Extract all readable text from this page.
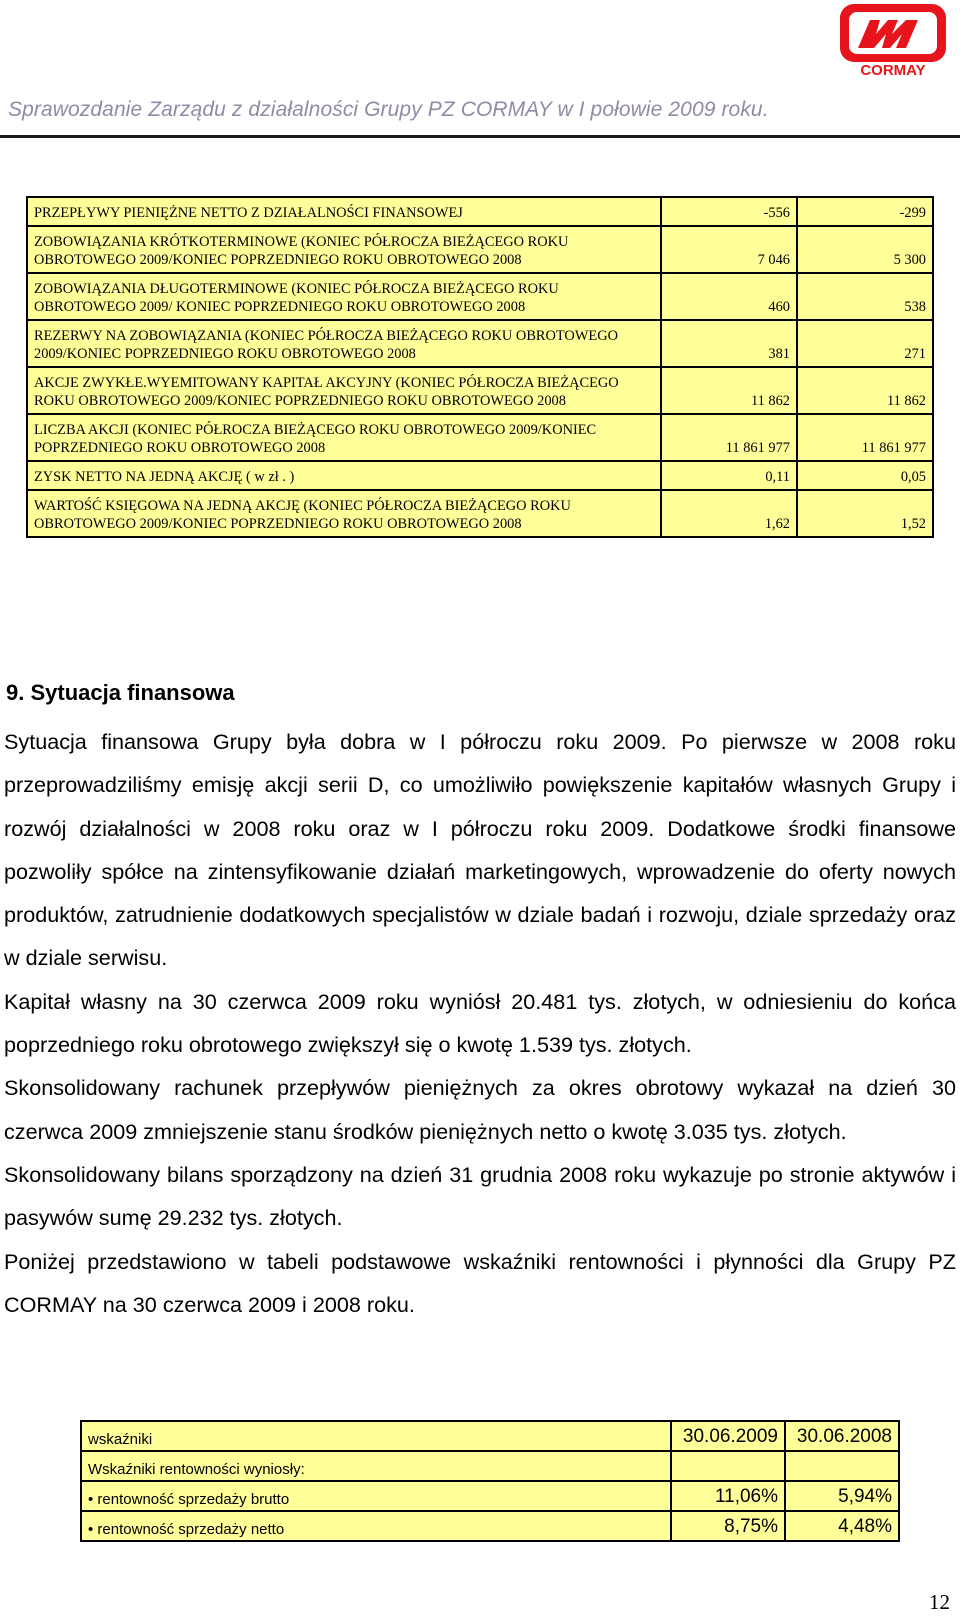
CORMAY
Sprawozdanie Zarządu z działalności Grupy PZ CORMAY w I połowie 2009 roku.
PRZEPŁYWY PIENIĘŻNE NETTO Z DZIAŁALNOŚCI FINANSOWEJ	-556	-299
ZOBOWIĄZANIA KRÓTKOTERMINOWE (KONIEC PÓŁROCZA BIEŻĄCEGO ROKU OBROTOWEGO 2009/KONIEC POPRZEDNIEGO ROKU OBROTOWEGO 2008	7 046	5 300
ZOBOWIĄZANIA DŁUGOTERMINOWE (KONIEC PÓŁROCZA BIEŻĄCEGO ROKU OBROTOWEGO 2009/ KONIEC POPRZEDNIEGO ROKU OBROTOWEGO 2008	460	538
REZERWY NA ZOBOWIĄZANIA (KONIEC PÓŁROCZA BIEŻĄCEGO ROKU OBROTOWEGO 2009/KONIEC POPRZEDNIEGO ROKU OBROTOWEGO 2008	381	271
AKCJE ZWYKŁE.WYEMITOWANY KAPITAŁ AKCYJNY (KONIEC PÓŁROCZA BIEŻĄCEGO ROKU OBROTOWEGO 2009/KONIEC POPRZEDNIEGO ROKU OBROTOWEGO 2008	11 862	11 862
LICZBA AKCJI (KONIEC PÓŁROCZA BIEŻĄCEGO ROKU OBROTOWEGO 2009/KONIEC POPRZEDNIEGO ROKU OBROTOWEGO 2008	11 861 977	11 861 977
ZYSK NETTO NA JEDNĄ AKCJĘ ( w zł . )	0,11	0,05
WARTOŚĆ KSIĘGOWA NA JEDNĄ AKCJĘ (KONIEC PÓŁROCZA BIEŻĄCEGO ROKU OBROTOWEGO 2009/KONIEC POPRZEDNIEGO ROKU OBROTOWEGO 2008	1,62	1,52
9. Sytuacja finansowa

Sytuacja finansowa Grupy była dobra w I półroczu roku 2009. Po pierwsze w 2008 roku przeprowadziliśmy emisję akcji serii D, co umożliwiło powiększenie kapitałów własnych Grupy i rozwój działalności w 2008 roku oraz w I półroczu roku 2009. Dodatkowe środki finansowe pozwoliły spółce na zintensyfikowanie działań marketingowych, wprowadzenie do oferty nowych produktów, zatrudnienie dodatkowych specjalistów w dziale badań i rozwoju, dziale sprzedaży oraz w dziale serwisu.

Kapitał własny na 30 czerwca 2009 roku wyniósł 20.481 tys. złotych, w odniesieniu do końca poprzedniego roku obrotowego zwiększył się o kwotę 1.539 tys. złotych.

Skonsolidowany rachunek przepływów pieniężnych za okres obrotowy wykazał na dzień 30 czerwca 2009 zmniejszenie stanu środków pieniężnych netto o kwotę 3.035 tys. złotych.

Skonsolidowany bilans sporządzony na dzień 31 grudnia 2008 roku wykazuje po stronie aktywów i pasywów sumę 29.232 tys. złotych.

Poniżej przedstawiono w tabeli podstawowe wskaźniki rentowności i płynności dla Grupy PZ CORMAY na 30 czerwca 2009 i 2008 roku.

wskaźniki	30.06.2009	30.06.2008
Wskaźniki rentowności wyniosły:		
• rentowność sprzedaży brutto	11,06%	5,94%
• rentowność sprzedaży netto	8,75%	4,48%
12
